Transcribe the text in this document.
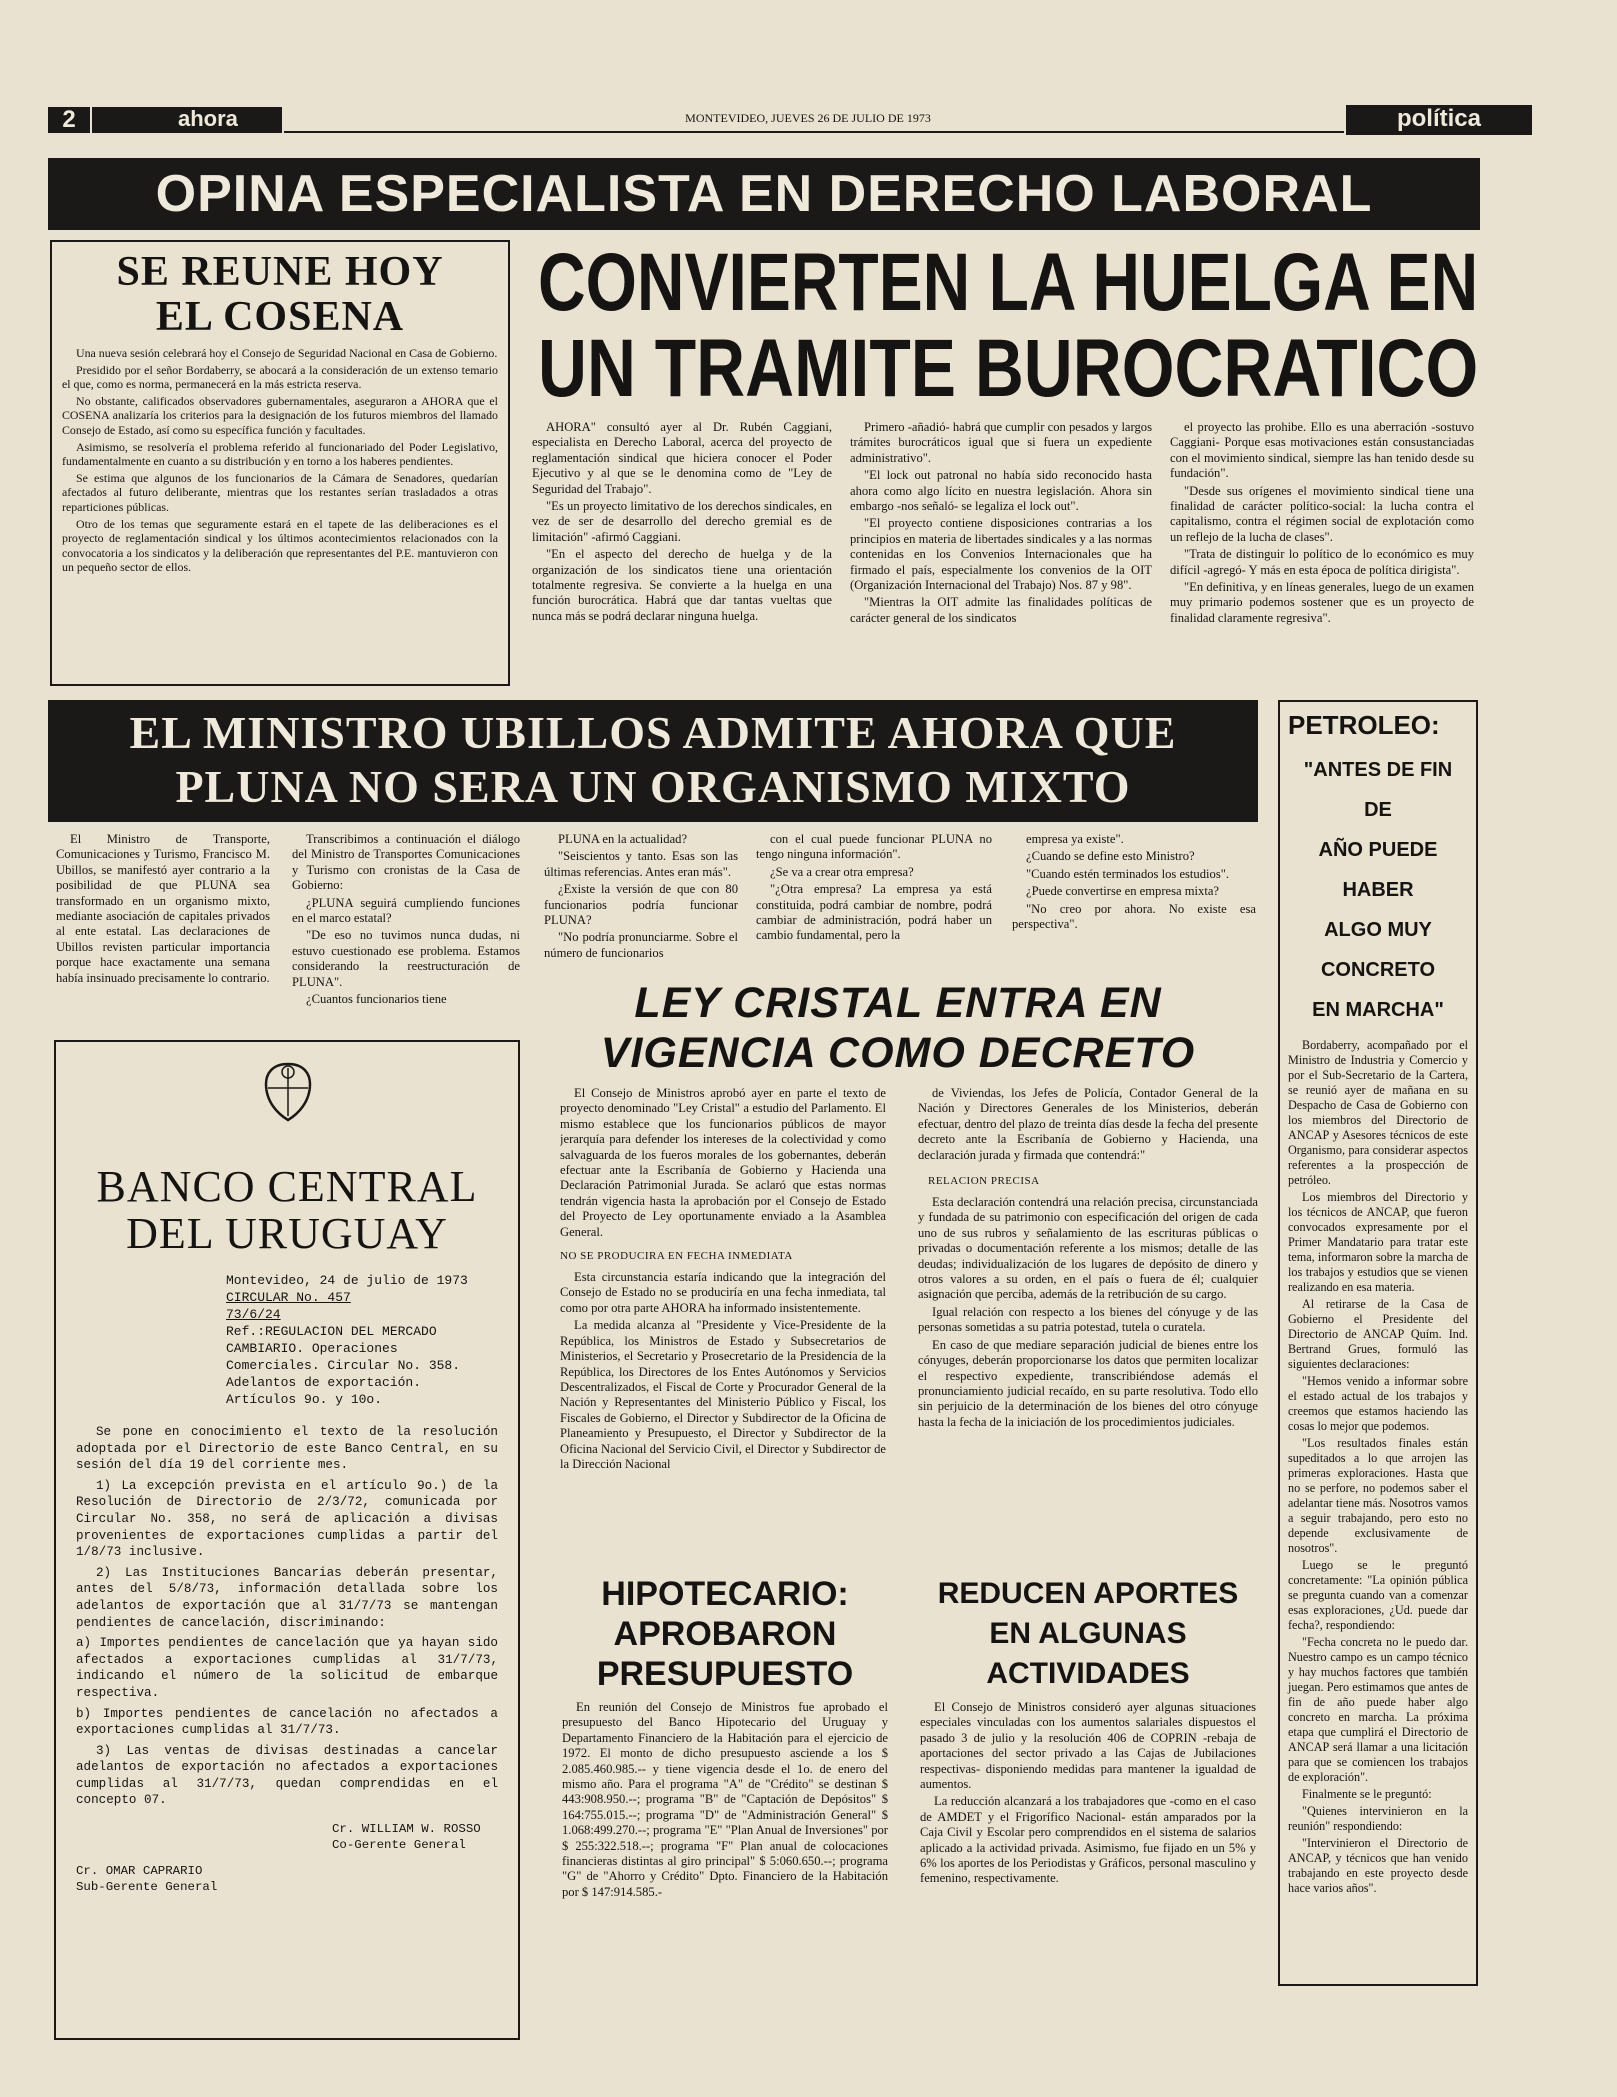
2	ahora	MONTEVIDEO, JUEVES 26 DE JULIO DE 1973	política
OPINA ESPECIALISTA EN DERECHO LABORAL
SE REUNE HOY
EL COSENA

Una nueva sesión celebrará hoy el Consejo de Seguridad Nacional en Casa de Gobierno.

Presidido por el señor Bordaberry, se abocará a la consideración de un extenso temario el que, como es norma, permanecerá en la más estricta reserva.

No obstante, calificados observadores gubernamentales, aseguraron a AHORA que el COSENA analizaría los criterios para la designación de los futuros miembros del llamado Consejo de Estado, así como su específica función y facultades.

Asimismo, se resolvería el problema referido al funcionariado del Poder Legislativo, fundamentalmente en cuanto a su distribución y en torno a los haberes pendientes.

Se estima que algunos de los funcionarios de la Cámara de Senadores, quedarían afectados al futuro deliberante, mientras que los restantes serían trasladados a otras reparticiones públicas.

Otro de los temas que seguramente estará en el tapete de las deliberaciones es el proyecto de reglamentación sindical y los últimos acontecimientos relacionados con la convocatoria a los sindicatos y la deliberación que representantes del P.E. mantuvieron con un pequeño sector de ellos.

CONVIERTEN LA HUELGA EN
UN TRAMITE BUROCRATICO

AHORA" consultó ayer al Dr. Rubén Caggiani, especialista en Derecho Laboral, acerca del proyecto de reglamentación sindical que hiciera conocer el Poder Ejecutivo y al que se le denomina como de "Ley de Seguridad del Trabajo".

"Es un proyecto limitativo de los derechos sindicales, en vez de ser de desarrollo del derecho gremial es de limitación" -afirmó Caggiani.

"En el aspecto del derecho de huelga y de la organización de los sindicatos tiene una orientación totalmente regresiva. Se convierte a la huelga en una función burocrática. Habrá que dar tantas vueltas que nunca más se podrá declarar ninguna huelga.

Primero -añadió- habrá que cumplir con pesados y largos trámites burocráticos igual que si fuera un expediente administrativo".

"El lock out patronal no había sido reconocido hasta ahora como algo lícito en nuestra legislación. Ahora sin embargo -nos señaló- se legaliza el lock out".

"El proyecto contiene disposiciones contrarias a los principios en materia de libertades sindicales y a las normas contenidas en los Convenios Internacionales que ha firmado el país, especialmente los convenios de la OIT (Organización Internacional del Trabajo) Nos. 87 y 98".

"Mientras la OIT admite las finalidades políticas de carácter general de los sindicatos

el proyecto las prohibe. Ello es una aberración -sostuvo Caggiani- Porque esas motivaciones están consustanciadas con el movimiento sindical, siempre las han tenido desde su fundación".

"Desde sus orígenes el movimiento sindical tiene una finalidad de carácter político-social: la lucha contra el capitalismo, contra el régimen social de explotación como un reflejo de la lucha de clases".

"Trata de distinguir lo político de lo económico es muy difícil -agregó- Y más en esta época de política dirigista".

"En definitiva, y en líneas generales, luego de un examen muy primario podemos sostener que es un proyecto de finalidad claramente regresiva".

EL MINISTRO UBILLOS ADMITE AHORA QUE
PLUNA NO SERA UN ORGANISMO MIXTO

El Ministro de Transporte, Comunicaciones y Turismo, Francisco M. Ubillos, se manifestó ayer contrario a la posibilidad de que PLUNA sea transformado en un organismo mixto, mediante asociación de capitales privados al ente estatal. Las declaraciones de Ubillos revisten particular importancia porque hace exactamente una semana había insinuado precisamente lo contrario.

Transcribimos a continuación el diálogo del Ministro de Transportes Comunicaciones y Turismo con cronistas de la Casa de Gobierno:

¿PLUNA seguirá cumpliendo funciones en el marco estatal?

"De eso no tuvimos nunca dudas, ni estuvo cuestionado ese problema. Estamos considerando la reestructuración de PLUNA".

¿Cuantos funcionarios tiene

PLUNA en la actualidad?

"Seiscientos y tanto. Esas son las últimas referencias. Antes eran más".

¿Existe la versión de que con 80 funcionarios podría funcionar PLUNA?

"No podría pronunciarme. Sobre el número de funcionarios

con el cual puede funcionar PLUNA no tengo ninguna información".

¿Se va a crear otra empresa?

"¿Otra empresa? La empresa ya está constituida, podrá cambiar de nombre, podrá cambiar de administración, podrá haber un cambio fundamental, pero la

empresa ya existe".

¿Cuando se define esto Ministro?

"Cuando estén terminados los estudios".

¿Puede convertirse en empresa mixta?

"No creo por ahora. No existe esa perspectiva".

PETROLEO:
"ANTES DE FIN DE
AÑO PUEDE HABER
ALGO MUY CONCRETO
EN MARCHA"

Bordaberry, acompañado por el Ministro de Industria y Comercio y por el Sub-Secretario de la Cartera, se reunió ayer de mañana en su Despacho de Casa de Gobierno con los miembros del Directorio de ANCAP y Asesores técnicos de este Organismo, para considerar aspectos referentes a la prospección de petróleo.

Los miembros del Directorio y los técnicos de ANCAP, que fueron convocados expresamente por el Primer Mandatario para tratar este tema, informaron sobre la marcha de los trabajos y estudios que se vienen realizando en esa materia.

Al retirarse de la Casa de Gobierno el Presidente del Directorio de ANCAP Quím. Ind. Bertrand Grues, formuló las siguientes declaraciones:

"Hemos venido a informar sobre el estado actual de los trabajos y creemos que estamos haciendo las cosas lo mejor que podemos.

"Los resultados finales están supeditados a lo que arrojen las primeras exploraciones. Hasta que no se perfore, no podemos saber el adelantar tiene más. Nosotros vamos a seguir trabajando, pero esto no depende exclusivamente de nosotros".

Luego se le preguntó concretamente: "La opinión pública se pregunta cuando van a comenzar esas exploraciones, ¿Ud. puede dar fecha?, respondiendo:

"Fecha concreta no le puedo dar. Nuestro campo es un campo técnico y hay muchos factores que también juegan. Pero estimamos que antes de fin de año puede haber algo concreto en marcha. La próxima etapa que cumplirá el Directorio de ANCAP será llamar a una licitación para que se comiencen los trabajos de exploración".

Finalmente se le preguntó:

"Quienes intervinieron en la reunión" respondiendo:

"Intervinieron el Directorio de ANCAP, y técnicos que han venido trabajando en este proyecto desde hace varios años".

BANCO CENTRAL
DEL URUGUAY
Montevideo, 24 de julio de 1973
CIRCULAR No. 457
73/6/24
Ref.:REGULACION DEL MERCADO CAMBIARIO. Operaciones Comerciales. Circular No. 358. Adelantos de exportación. Artículos 9o. y 10o.

Se pone en conocimiento el texto de la resolución adoptada por el Directorio de este Banco Central, en su sesión del día 19 del corriente mes.

1) La excepción prevista en el artículo 9o.) de la Resolución de Directorio de 2/3/72, comunicada por Circular No. 358, no será de aplicación a divisas provenientes de exportaciones cumplidas a partir del 1/8/73 inclusive.

2) Las Instituciones Bancarias deberán presentar, antes del 5/8/73, información detallada sobre los adelantos de exportación que al 31/7/73 se mantengan pendientes de cancelación, discriminando:

a) Importes pendientes de cancelación que ya hayan sido afectados a exportaciones cumplidas al 31/7/73, indicando el número de la solicitud de embarque respectiva.

b) Importes pendientes de cancelación no afectados a exportaciones cumplidas al 31/7/73.

3) Las ventas de divisas destinadas a cancelar adelantos de exportación no afectados a exportaciones cumplidas al 31/7/73, quedan comprendidas en el concepto 07.

Cr. WILLIAM W. ROSSO
Co-Gerente General
Cr. OMAR CAPRARIO
Sub-Gerente General
LEY CRISTAL ENTRA EN
VIGENCIA COMO DECRETO

El Consejo de Ministros aprobó ayer en parte el texto de proyecto denominado "Ley Cristal" a estudio del Parlamento. El mismo establece que los funcionarios públicos de mayor jerarquía para defender los intereses de la colectividad y como salvaguarda de los fueros morales de los gobernantes, deberán efectuar ante la Escribanía de Gobierno y Hacienda una Declaración Patrimonial Jurada. Se aclaró que estas normas tendrán vigencia hasta la aprobación por el Consejo de Estado del Proyecto de Ley oportunamente enviado a la Asamblea General.

NO SE PRODUCIRA EN FECHA INMEDIATA

Esta circunstancia estaría indicando que la integración del Consejo de Estado no se produciría en una fecha inmediata, tal como por otra parte AHORA ha informado insistentemente.

La medida alcanza al "Presidente y Vice-Presidente de la República, los Ministros de Estado y Subsecretarios de Ministerios, el Secretario y Prosecretario de la Presidencia de la República, los Directores de los Entes Autónomos y Servicios Descentralizados, el Fiscal de Corte y Procurador General de la Nación y Representantes del Ministerio Público y Fiscal, los Fiscales de Gobierno, el Director y Subdirector de la Oficina de Planeamiento y Presupuesto, el Director y Subdirector de la Oficina Nacional del Servicio Civil, el Director y Subdirector de la Dirección Nacional

de Viviendas, los Jefes de Policía, Contador General de la Nación y Directores Generales de los Ministerios, deberán efectuar, dentro del plazo de treinta días desde la fecha del presente decreto ante la Escribanía de Gobierno y Hacienda, una declaración jurada y firmada que contendrá:"

RELACION PRECISA

Esta declaración contendrá una relación precisa, circunstanciada y fundada de su patrimonio con especificación del origen de cada uno de sus rubros y señalamiento de las escrituras públicas o privadas o documentación referente a los mismos; detalle de las deudas; individualización de los lugares de depósito de dinero y otros valores a su orden, en el país o fuera de él; cualquier asignación que perciba, además de la retribución de su cargo.

Igual relación con respecto a los bienes del cónyuge y de las personas sometidas a su patria potestad, tutela o curatela.

En caso de que mediare separación judicial de bienes entre los cónyuges, deberán proporcionarse los datos que permiten localizar el respectivo expediente, transcribiéndose además el pronunciamiento judicial recaído, en su parte resolutiva. Todo ello sin perjuicio de la determinación de los bienes del otro cónyuge hasta la fecha de la iniciación de los procedimientos judiciales.

HIPOTECARIO:
APROBARON
PRESUPUESTO

En reunión del Consejo de Ministros fue aprobado el presupuesto del Banco Hipotecario del Uruguay y Departamento Financiero de la Habitación para el ejercicio de 1972. El monto de dicho presupuesto asciende a los $ 2.085.460.985.-- y tiene vigencia desde el 1o. de enero del mismo año. Para el programa "A" de "Crédito" se destinan $ 443:908.950.--; programa "B" de "Captación de Depósitos" $ 164:755.015.--; programa "D" de "Administración General" $ 1.068:499.270.--; programa "E" "Plan Anual de Inversiones" por $ 255:322.518.--; programa "F" Plan anual de colocaciones financieras distintas al giro principal" $ 5:060.650.--; programa "G" de "Ahorro y Crédito" Dpto. Financiero de la Habitación por $ 147:914.585.-

REDUCEN APORTES
EN ALGUNAS
ACTIVIDADES

El Consejo de Ministros consideró ayer algunas situaciones especiales vinculadas con los aumentos salariales dispuestos el pasado 3 de julio y la resolución 406 de COPRIN -rebaja de aportaciones del sector privado a las Cajas de Jubilaciones respectivas- disponiendo medidas para mantener la igualdad de aumentos.

La reducción alcanzará a los trabajadores que -como en el caso de AMDET y el Frigorífico Nacional- están amparados por la Caja Civil y Escolar pero comprendidos en el sistema de salarios aplicado a la actividad privada. Asimismo, fue fijado en un 5% y 6% los aportes de los Periodistas y Gráficos, personal masculino y femenino, respectivamente.
